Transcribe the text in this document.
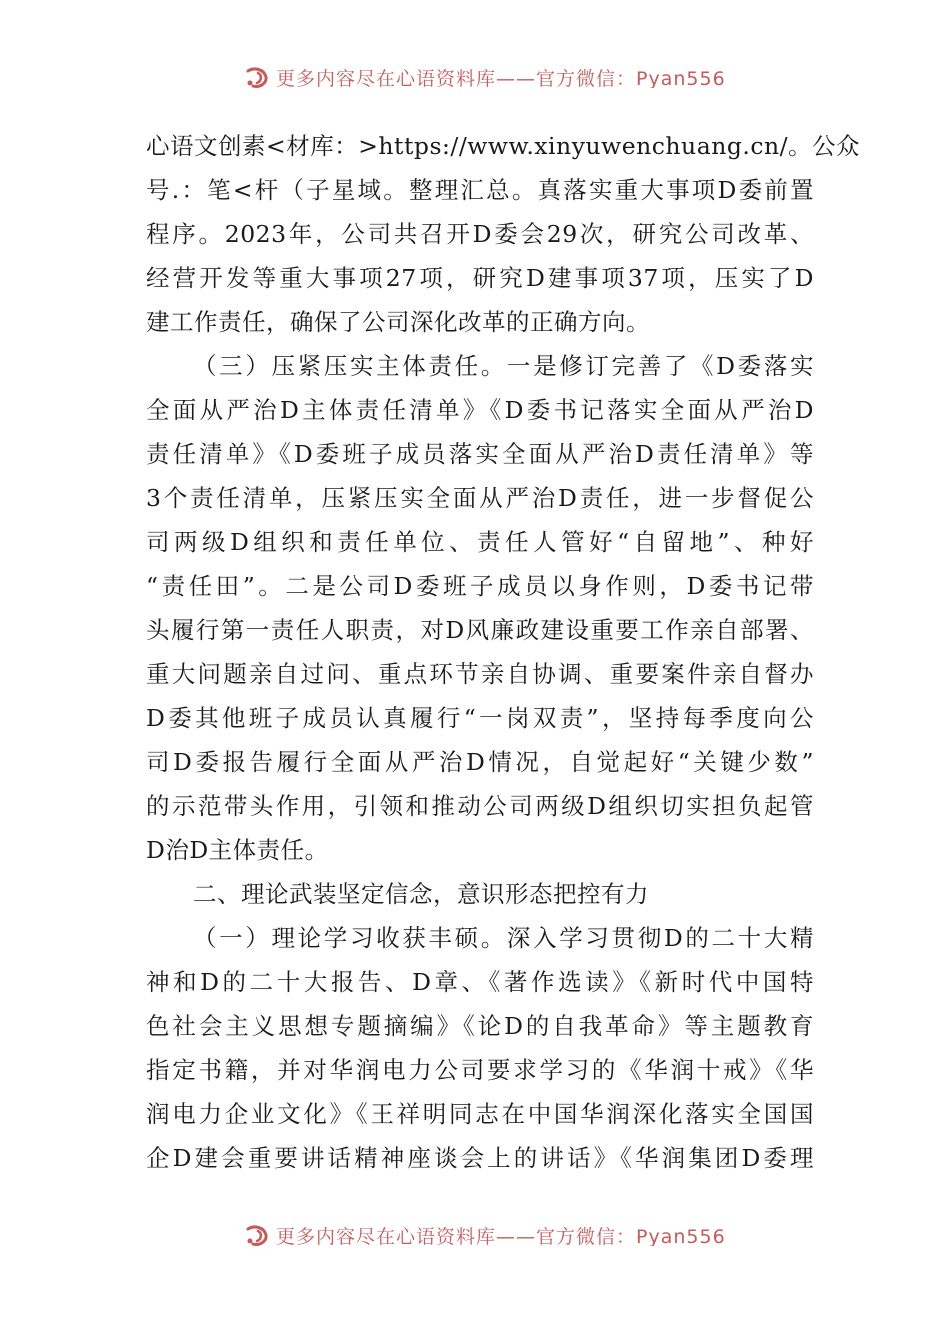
更多内容尽在心语资料库——官方微信：Pyan556
心语文创素<材库：>https://www.xinyuwenchuang.cn/。公众
号.：笔<杆（子星域。整理汇总。真落实重大事项D委前置
程序。2023年，公司共召开D委会29次，研究公司改革、
经营开发等重大事项27项，研究D建事项37项，压实了D
建工作责任，确保了公司深化改革的正确方向。
（三）压紧压实主体责任。一是修订完善了《D委落实
全面从严治D主体责任清单》《D委书记落实全面从严治D
责任清单》《D委班子成员落实全面从严治D责任清单》等
3个责任清单，压紧压实全面从严治D责任，进一步督促公
司两级D组织和责任单位、责任人管好“自留地”、种好
“责任田”。二是公司D委班子成员以身作则，D委书记带
头履行第一责任人职责，对D风廉政建设重要工作亲自部署、
重大问题亲自过问、重点环节亲自协调、重要案件亲自督办
D委其他班子成员认真履行“一岗双责”，坚持每季度向公
司D委报告履行全面从严治D情况，自觉起好“关键少数”
的示范带头作用，引领和推动公司两级D组织切实担负起管
D治D主体责任。
二、理论武装坚定信念，意识形态把控有力
（一）理论学习收获丰硕。深入学习贯彻D的二十大精
神和D的二十大报告、D章、《著作选读》《新时代中国特
色社会主义思想专题摘编》《论D的自我革命》等主题教育
指定书籍，并对华润电力公司要求学习的《华润十戒》《华
润电力企业文化》《王祥明同志在中国华润深化落实全国国
企D建会重要讲话精神座谈会上的讲话》《华润集团D委理
更多内容尽在心语资料库——官方微信：Pyan556
